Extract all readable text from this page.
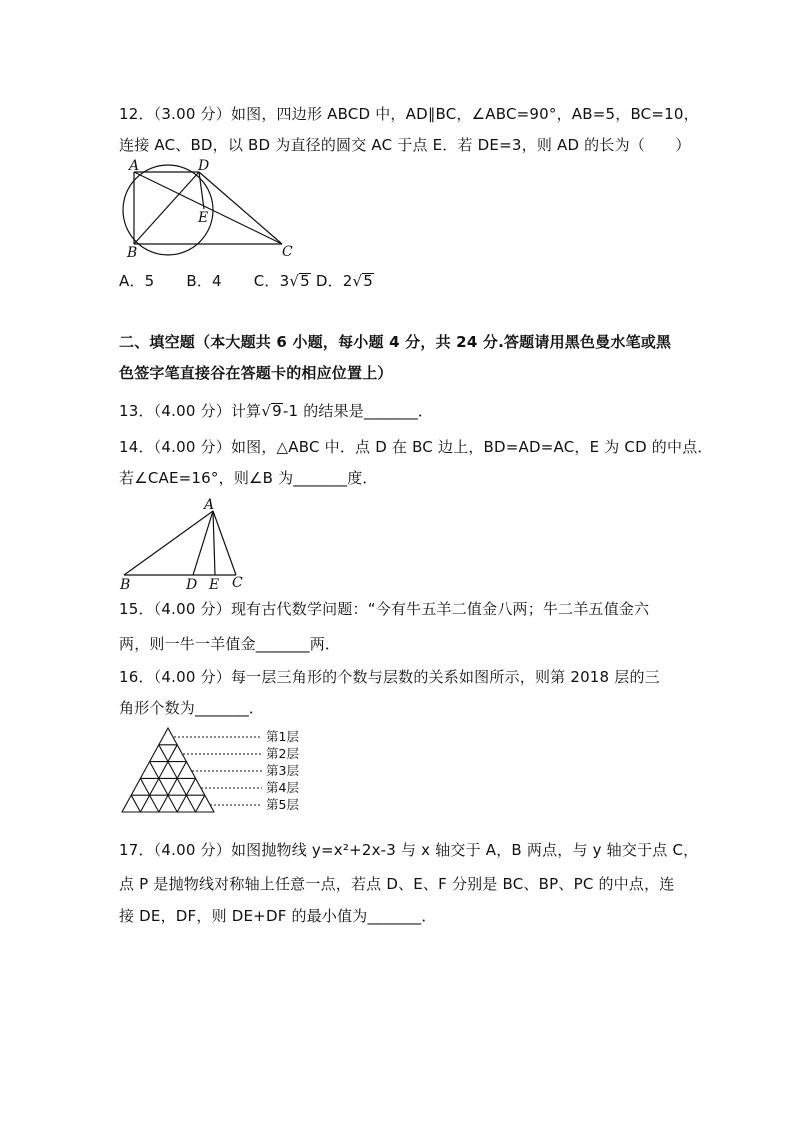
12．（3.00 分）如图，四边形 ABCD 中，AD∥BC，∠ABC=90°，AB=5，BC=10，
连接 AC、BD，以 BD 为直径的圆交 AC 于点 E．若 DE=3，则 AD 的长为（　　）
A	D
E
B	C
A．5 B．4 C．3√5 D．2√5
二、填空题（本大题共 6 小题，每小题 4 分，共 24 分.答题请用黑色曼水笔或黑
色签字笔直接谷在答题卡的相应位置上）
13．（4.00 分）计算√9-1 的结果是_______．
14．（4.00 分）如图，△ABC 中．点 D 在 BC 边上，BD=AD=AC，E 为 CD 的中点．
若∠CAE=16°，则∠B 为_______度．
A
B	D E C
15．（4.00 分）现有古代数学问题：“今有牛五羊二值金八两；牛二羊五值金六
两，则一牛一羊值金_______两．
16．（4.00 分）每一层三角形的个数与层数的关系如图所示，则第 2018 层的三
角形个数为_______．
第1层
第2层
第3层
第4层
第5层
17．（4.00 分）如图抛物线 y=x²+2x-3 与 x 轴交于 A，B 两点，与 y 轴交于点 C，
点 P 是抛物线对称轴上任意一点，若点 D、E、F 分别是 BC、BP、PC 的中点，连
接 DE，DF，则 DE+DF 的最小值为_______．
